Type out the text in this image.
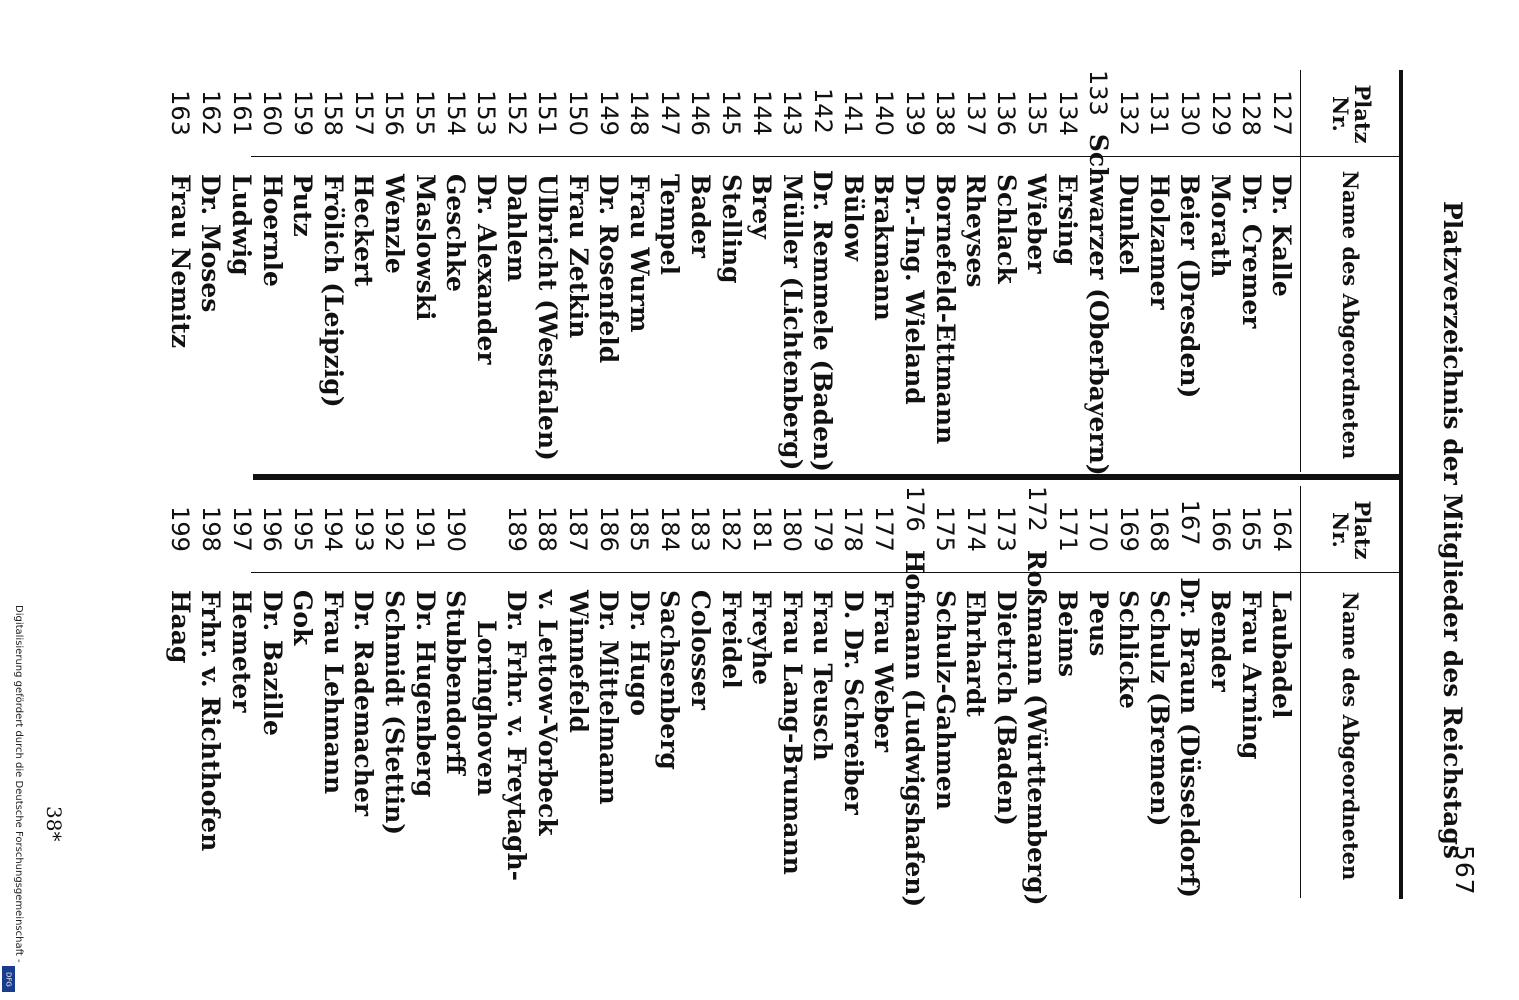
567
Platzverzeichnis der Mitglieder des Reichstags
Platz Nr.
Name des Abgeordneten
127
Dr. Kalle
128
Dr. Cremer
129
Morath
130
Beier (Dresden)
131
Holzamer
132
Dunkel
133
Schwarzer (Oberbayern)
134
Ersing
135
Wieber
136
Schlack
137
Rheyses
138
Bornefeld-Ettmann
139
Dr.-Ing. Wieland
140
Brakmann
141
Bülow
142
Dr. Remmele (Baden)
143
Müller (Lichtenberg)
144
Brey
145
Stelling
146
Bader
147
Tempel
148
Frau Wurm
149
Dr. Rosenfeld
150
Frau Zetkin
151
Ulbricht (Westfalen)
152
Dahlem
153
Dr. Alexander
154
Geschke
155
Maslowski
156
Wenzle
157
Heckert
158
Frölich (Leipzig)
159
Putz
160
Hoernle
161
Ludwig
162
Dr. Moses
163
Frau Nemitz
Platz Nr.
Name des Abgeordneten
164
Laubadel
165
Frau Arning
166
Bender
167
Dr. Braun (Düsseldorf)
168
Schulz (Bremen)
169
Schlicke
170
Peus
171
Beims
172
Roßmann (Württemberg)
173
Dietrich (Baden)
174
Ehrhardt
175
Schulz-Gahmen
176
Hofmann (Ludwigshafen)
177
Frau Weber
178
D. Dr. Schreiber
179
Frau Teusch
180
Frau Lang-Brumann
181
Freyhe
182
Freidel
183
Colosser
184
Sachsenberg
185
Dr. Hugo
186
Dr. Mittelmann
187
Winnefeld
188
v. Lettow-Vorbeck
189
Dr. Frhr. v. Freytagh-
Loringhoven
190
Stubbendorff
191
Dr. Hugenberg
192
Schmidt (Stettin)
193
Dr. Rademacher
194
Frau Lehmann
195
Gok
196
Dr. Bazille
197
Hemeter
198
Frhr. v. Richthofen
199
Haag
Digitalisierung gefördert durch die Deutsche Forschungsgemeinschaft -
DFG
38*
